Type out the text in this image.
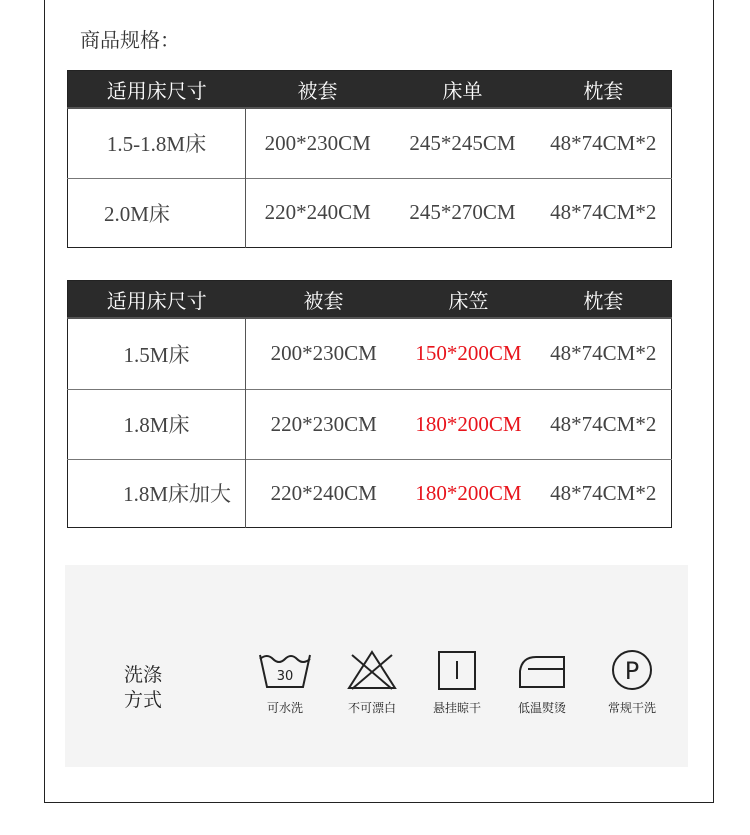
商品规格：
适用床尺寸	被套	床单	枕套
1.5-1.8M床	200*230CM	245*245CM	48*74CM*2
2.0M床	220*240CM	245*270CM	48*74CM*2
适用床尺寸	被套	床笠	枕套
1.5M床	200*230CM	150*200CM	48*74CM*2
1.8M床	220*230CM	180*200CM	48*74CM*2
1.8M床加大	220*240CM	180*200CM	48*74CM*2
洗涤
方式
30
可水洗	不可漂白	悬挂晾干	低温熨烫
P
常规干洗
